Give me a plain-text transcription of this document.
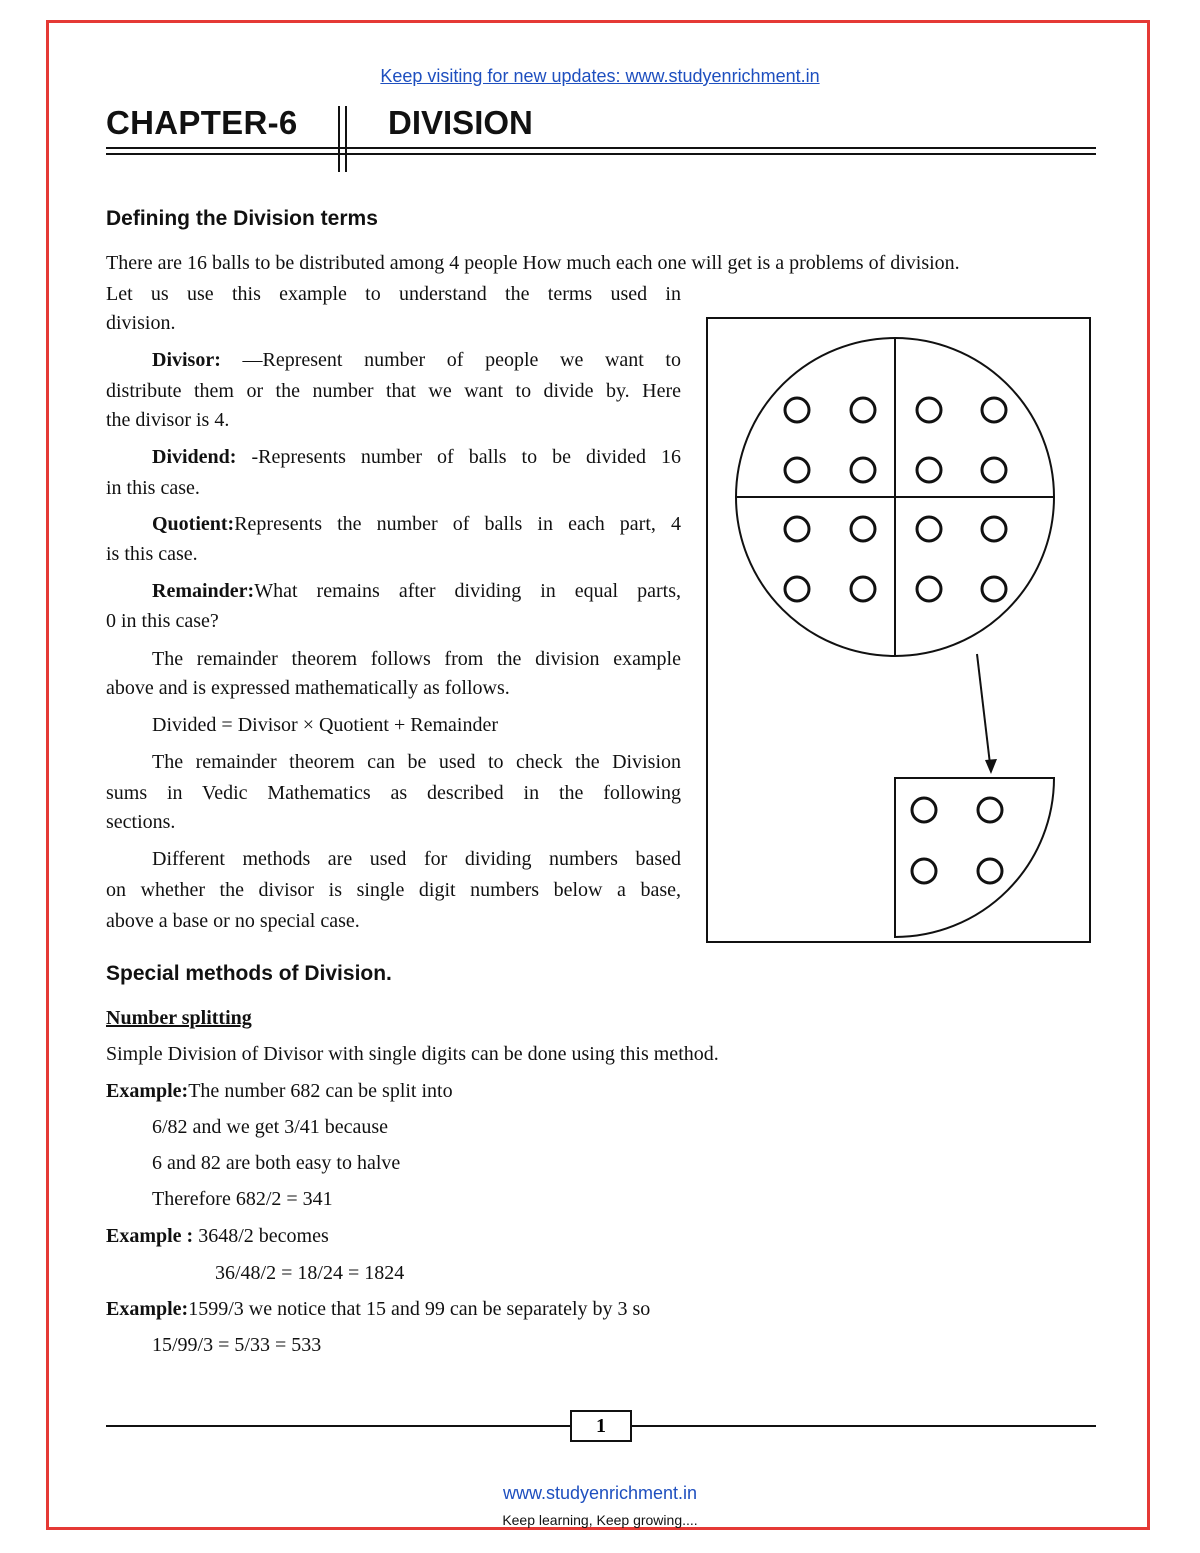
Keep visiting for new updates: www.studyenrichment.in
CHAPTER-6	DIVISION
Defining the Division terms
There are 16 balls to be distributed among 4 people How much each one will get is a problems of division.
Let us use this example to understand the terms used in
division.
Divisor: —Represent number of people we want to
distribute them or the number that we want to divide by. Here
the divisor is 4.
Dividend: -Represents number of balls to be divided 16
in this case.
Quotient:Represents the number of balls in each part, 4
is this case.
Remainder:What remains after dividing in equal parts,
0 in this case?
The remainder theorem follows from the division example
above and is expressed mathematically as follows.
Divided = Divisor × Quotient + Remainder
The remainder theorem can be used to check the Division
sums in Vedic Mathematics as described in the following
sections.
Different methods are used for dividing numbers based
on whether the divisor is single digit numbers below a base,
above a base or no special case.
Special methods of Division.
Number splitting
Simple Division of Divisor with single digits can be done using this method.
Example:The number 682 can be split into
6/82 and we get 3/41 because
6 and 82 are both easy to halve
Therefore 682/2 = 341
Example : 3648/2 becomes
36/48/2 = 18/24 = 1824
Example:1599/3 we notice that 15 and 99 can be separately by 3 so
15/99/3 = 5/33 = 533
1
www.studyenrichment.in
Keep learning, Keep growing....
